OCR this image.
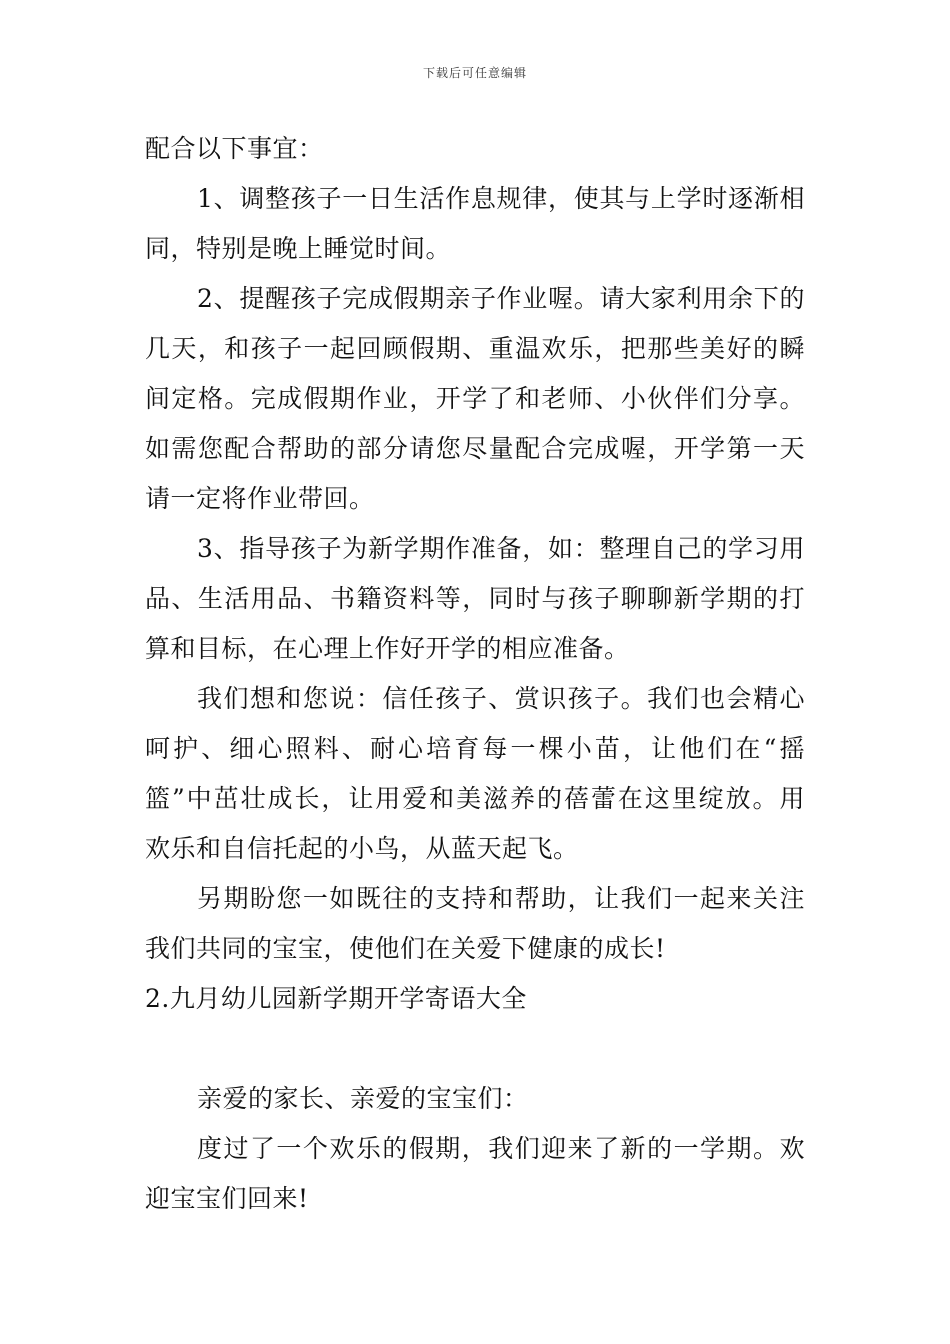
下载后可任意编辑
配合以下事宜：
1、调整孩子一日生活作息规律，使其与上学时逐渐相
同，特别是晚上睡觉时间。
2、提醒孩子完成假期亲子作业喔。请大家利用余下的
几天，和孩子一起回顾假期、重温欢乐，把那些美好的瞬
间定格。完成假期作业，开学了和老师、小伙伴们分享。
如需您配合帮助的部分请您尽量配合完成喔，开学第一天
请一定将作业带回。
3、指导孩子为新学期作准备，如：整理自己的学习用
品、生活用品、书籍资料等，同时与孩子聊聊新学期的打
算和目标，在心理上作好开学的相应准备。
我们想和您说：信任孩子、赏识孩子。我们也会精心
呵护、细心照料、耐心培育每一棵小苗，让他们在“摇
篮”中茁壮成长，让用爱和美滋养的蓓蕾在这里绽放。用
欢乐和自信托起的小鸟，从蓝天起飞。
另期盼您一如既往的支持和帮助，让我们一起来关注
我们共同的宝宝，使他们在关爱下健康的成长!
2.九月幼儿园新学期开学寄语大全
亲爱的家长、亲爱的宝宝们：
度过了一个欢乐的假期，我们迎来了新的一学期。欢
迎宝宝们回来!
